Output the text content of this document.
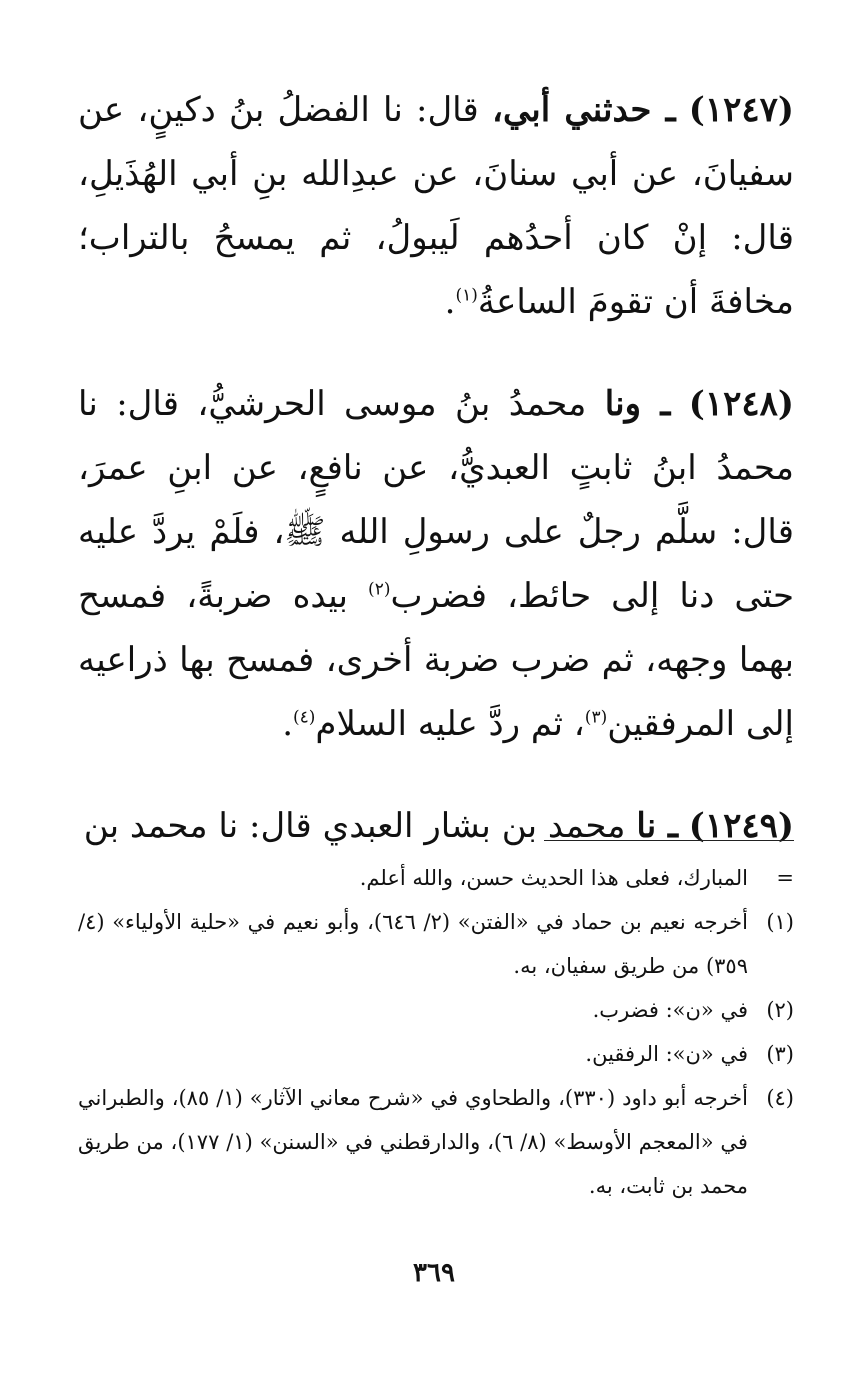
(١٢٤٧) ـ حدثني أبي، قال: نا الفضلُ بنُ دكينٍ، عن سفيانَ، عن أبي سنانَ، عن عبدِالله بنِ أبي الهُذَيلِ، قال: إنْ كان أحدُهم لَيبولُ، ثم يمسحُ بالتراب؛ مخافةَ أن تقومَ الساعةُ$^{(١)}$.

(١٢٤٨) ـ ونا محمدُ بنُ موسى الحرشيُّ، قال: نا محمدُ ابنُ ثابتٍ العبديُّ، عن نافعٍ، عن ابنِ عمرَ، قال: سلَّم رجلٌ على رسولِ الله ﷺ، فلَمْ يردَّ عليه حتى دنا إلى حائط، فضرب$^{(٢)}$ بيده ضربةً، فمسح بهما وجهه، ثم ضرب ضربة أخرى، فمسح بها ذراعيه إلى المرفقين$^{(٣)}$، ثم ردَّ عليه السلام$^{(٤)}$.

(١٢٤٩) ـ نا محمد بن بشار العبدي قال: نا محمد بن

=
المبارك، فعلى هذا الحديث حسن، والله أعلم.
(١)
أخرجه نعيم بن حماد في «الفتن» (٢/ ٦٤٦)، وأبو نعيم في «حلية الأولياء» (٤/ ٣٥٩) من طريق سفيان، به.
(٢)
في «ن»: فضرب.
(٣)
في «ن»: الرفقين.
(٤)
أخرجه أبو داود (٣٣٠)، والطحاوي في «شرح معاني الآثار» (١/ ٨٥)، والطبراني في «المعجم الأوسط» (٨/ ٦)، والدارقطني في «السنن» (١/ ١٧٧)، من طريق محمد بن ثابت، به.
٣٦٩
